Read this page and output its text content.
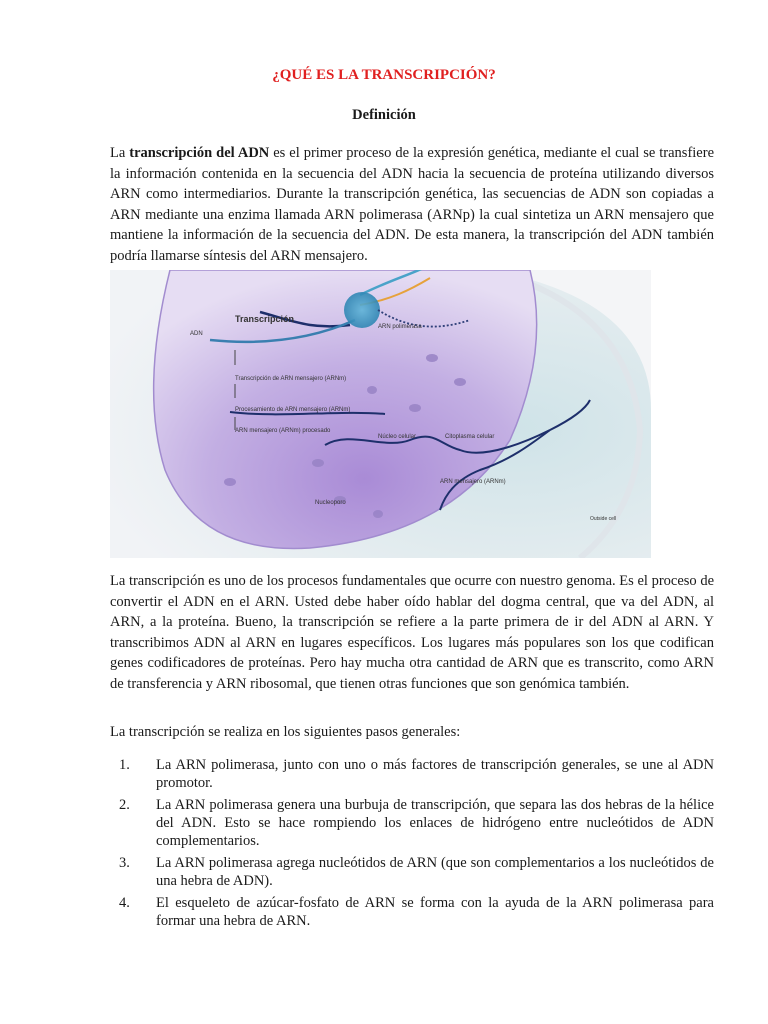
¿QUÉ ES LA TRANSCRIPCIÓN?
Definición

La transcripción del ADN es el primer proceso de la expresión genética, mediante el cual se transfiere la información contenida en la secuencia del ADN hacia la secuencia de proteína utilizando diversos ARN como intermediarios. Durante la transcripción genética, las secuencias de ADN son copiadas a ARN mediante una enzima llamada ARN polimerasa (ARNp) la cual sintetiza un ARN mensajero que mantiene la información de la secuencia del ADN. De esta manera, la transcripción del ADN también podría llamarse síntesis del ARN mensajero.

Transcripción
ADN
ARN polimerasa
Transcripción de ARN mensajero (ARNm)
Procesamiento de ARN mensajero (ARNm)
ARN mensajero (ARNm) procesado
Núcleo celular	Citoplasma celular
ARN mensajero (ARNm)
Nucleoporo
Outside cell

La transcripción es uno de los procesos fundamentales que ocurre con nuestro genoma. Es el proceso de convertir el ADN en el ARN. Usted debe haber oído hablar del dogma central, que va del ADN, al ARN, a la proteína. Bueno, la transcripción se refiere a la parte primera de ir del ADN al ARN. Y transcribimos ADN al ARN en lugares específicos. Los lugares más populares son los que codifican genes codificadores de proteínas. Pero hay mucha otra cantidad de ARN que es transcrito, como ARN de transferencia y ARN ribosomal, que tienen otras funciones que son genómica también.

La transcripción se realiza en los siguientes pasos generales:

1. La ARN polimerasa, junto con uno o más factores de transcripción generales, se une al ADN promotor.
2. La ARN polimerasa genera una burbuja de transcripción, que separa las dos hebras de la hélice del ADN. Esto se hace rompiendo los enlaces de hidrógeno entre nucleótidos de ADN complementarios.
3. La ARN polimerasa agrega nucleótidos de ARN (que son complementarios a los nucleótidos de una hebra de ADN).
4. El esqueleto de azúcar-fosfato de ARN se forma con la ayuda de la ARN polimerasa para formar una hebra de ARN.
